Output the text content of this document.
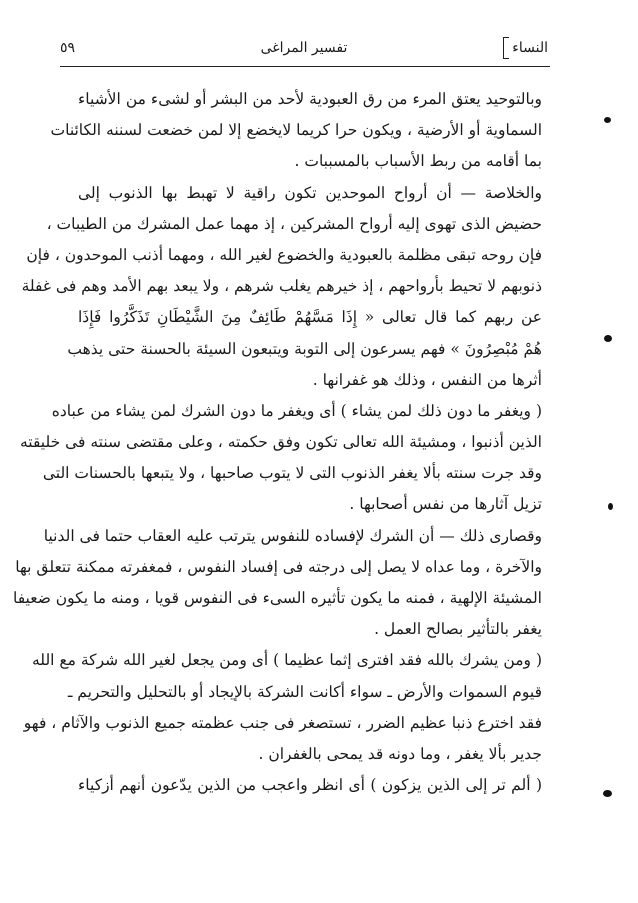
النساء
تفسير المراغى
٥٩
وبالتوحيد يعتق المرء من رق العبودية لأحد من البشر أو لشىء من الأشياء
السماوية أو الأرضية ، ويكون حرا كريما لايخضع إلا لمن خضعت لسننه الكائنات
بما أقامه من ربط الأسباب بالمسببات .
والخلاصة — أن أرواح الموحدين تكون راقية لا تهبط بها الذنوب إلى
حضيض الذى تهوى إليه أرواح المشركين ، إذ مهما عمل المشرك من الطيبات ،
فإن روحه تبقى مظلمة بالعبودية والخضوع لغير الله ، ومهما أذنب الموحدون ، فإن
ذنوبهم لا تحيط بأرواحهم ، إذ خيرهم يغلب شرهم ، ولا يبعد بهم الأمد وهم فى غفلة
عن ربهم كما قال تعالى « إِذَا مَسَّهُمْ طَائِفٌ مِنَ الشَّيْطَانِ تَذَكَّرُوا فَإِذَا
هُمْ مُبْصِرُونَ » فهم يسرعون إلى التوبة ويتبعون السيئة بالحسنة حتى يذهب
أثرها من النفس ، وذلك هو غفرانها .
( ويغفر ما دون ذلك لمن يشاء ) أى ويغفر ما دون الشرك لمن يشاء من عباده
الذين أذنبوا ، ومشيئة الله تعالى تكون وفق حكمته ، وعلى مقتضى سنته فى خليقته
وقد جرت سنته بألا يغفر الذنوب التى لا يتوب صاحبها ، ولا يتبعها بالحسنات التى
تزيل آثارها من نفس أصحابها .
وقصارى ذلك — أن الشرك لإفساده للنفوس يترتب عليه العقاب حتما فى الدنيا
والآخرة ، وما عداه لا يصل إلى درجته فى إفساد النفوس ، فمغفرته ممكنة تتعلق بها
المشيئة الإلهية ، فمنه ما يكون تأثيره السىء فى النفوس قويا ، ومنه ما يكون ضعيفا
يغفر بالتأثير بصالح العمل .
( ومن يشرك بالله فقد افترى إثما عظيما ) أى ومن يجعل لغير الله شركة مع الله
قيوم السموات والأرض ـ سواء أكانت الشركة بالإيجاد أو بالتحليل والتحريم ـ
فقد اخترع ذنبا عظيم الضرر ، تستصغر فى جنب عظمته جميع الذنوب والآثام ، فهو
جدير بألا يغفر ، وما دونه قد يمحى بالغفران .
( ألم تر إلى الذين يزكون ) أى انظر واعجب من الذين يدّعون أنهم أزكياء
